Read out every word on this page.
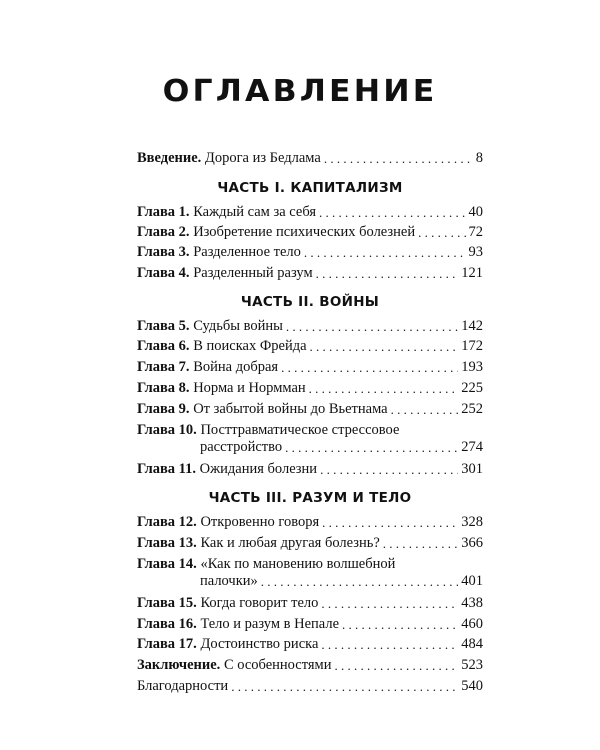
ОГЛАВЛЕНИЕ
Введение. Дорога из Бедлама . . .	8
ЧАСТЬ I. КАПИТАЛИЗМ
Глава 1. Каждый сам за себя . . .	40
Глава 2. Изобретение психических болезней . . .	72
Глава 3. Разделенное тело . . .	93
Глава 4. Разделенный разум . . .	121
ЧАСТЬ II. ВОЙНЫ
Глава 5. Судьбы войны . . .	142
Глава 6. В поисках Фрейда . . .	172
Глава 7. Война добрая . . .	193
Глава 8. Норма и Нормман . . .	225
Глава 9. От забытой войны до Вьетнама . . .	252
Глава 10. Посттравматическое стрессовое
расстройство . . .	274
Глава 11. Ожидания болезни . . .	301
ЧАСТЬ III. РАЗУМ И ТЕЛО
Глава 12. Откровенно говоря . . .	328
Глава 13. Как и любая другая болезнь? . . .	366
Глава 14. «Как по мановению волшебной
палочки» . . .	401
Глава 15. Когда говорит тело . . .	438
Глава 16. Тело и разум в Непале . . .	460
Глава 17. Достоинство риска . . .	484
Заключение. С особенностями . . .	523
Благодарности . . .	540
